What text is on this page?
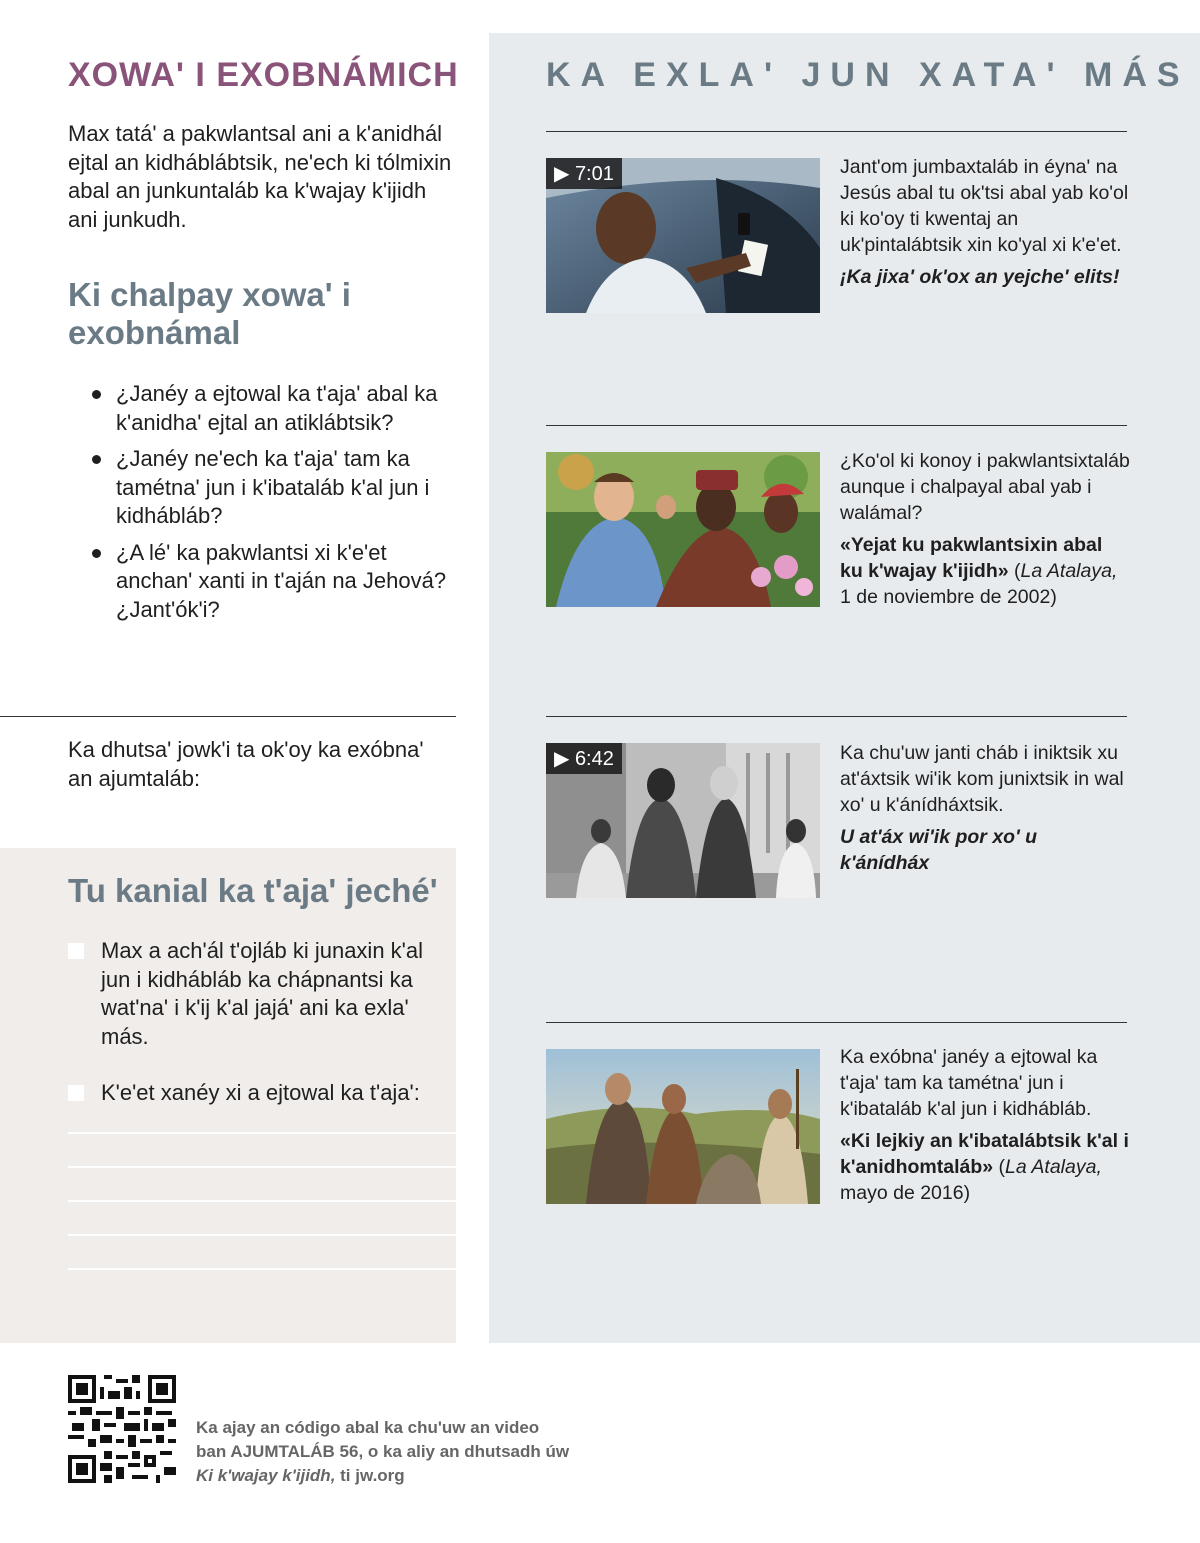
XOWA' I EXOBNÁMICH
Max tatá' a pakwlantsal ani a k'anidhál ejtal an kidháblábtsik, ne'ech ki tólmixin abal an junkuntaláb ka k'wajay k'ijidh ani junkudh.
Ki chalpay xowa' i exobnámal
¿Janéy a ejtowal ka t'aja' abal ka k'anidha' ejtal an atiklábtsik?
¿Janéy ne'ech ka t'aja' tam ka tamétna' jun i k'ibataláb k'al jun i kidhábláb?
¿A lé' ka pakwlantsi xi k'e'et anchan' xanti in t'aján na Jehová? ¿Jant'ók'i?
Ka dhutsa' jowk'i ta ok'oy ka exóbna' an ajumtaláb:
Tu kanial ka t'aja' jeché'
Max a ach'ál t'ojláb ki junaxin k'al jun i kidhábláb ka chápnantsi ka wat'na' i k'ij k'al jajá' ani ka exla' más.
K'e'et xanéy xi a ejtowal ka t'aja':
KA EXLA' JUN XATA' MÁS
▶ 7:01	Jant'om jumbaxtaláb in éyna' na Jesús abal tu ok'tsi abal yab ko'ol ki ko'oy ti kwentaj an uk'pintalábtsik xin ko'yal xi k'e'et.
¡Ka jixa' ok'ox an yejche' elits!
¿Ko'ol ki konoy i pakwlantsixtaláb aunque i chalpayal abal yab i walámal?
«Yejat ku pakwlantsixin abal ku k'wajay k'ijidh» (La Atalaya,
1 de noviembre de 2002)
▶ 6:42	Ka chu'uw janti cháb i iniktsik xu at'áxtsik wi'ik kom junixtsik in wal xo' u k'ánídháxtsik.
U at'áx wi'ik por xo' u k'ánídháx
Ka exóbna' janéy a ejtowal ka t'aja' tam ka tamétna' jun i k'ibataláb k'al jun i kidhábláb.
«Ki lejkiy an k'ibatalábtsik k'al i k'anidhomtaláb» (La Atalaya,
mayo de 2016)
Ka ajay an código abal ka chu'uw an video
ban AJUMTALÁB 56, o ka aliy an dhutsadh úw
Ki k'wajay k'ijidh, ti jw.org
